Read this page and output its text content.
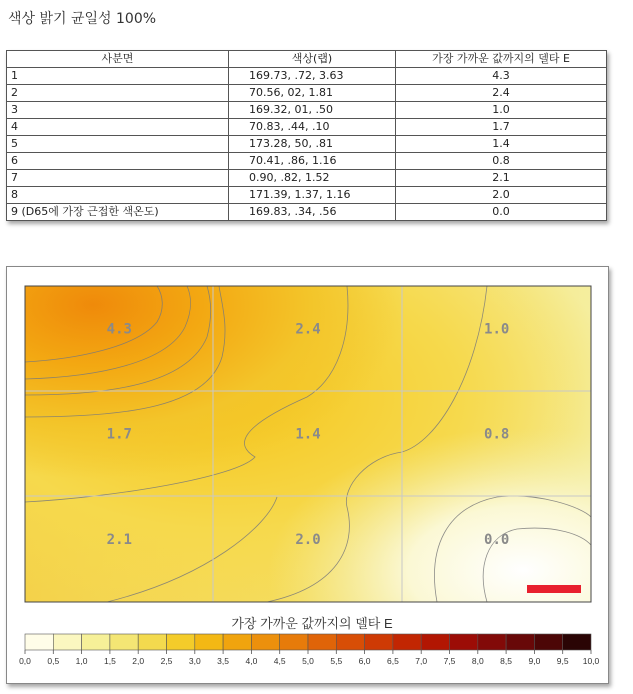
색상 밝기 균일성 100%
사분면	색상(랩)	가장 가까운 값까지의 델타 E
1	169.73, .72, 3.63	4.3
2	70.56, 02, 1.81	2.4
3	169.32, 01, .50	1.0
4	70.83, .44, .10	1.7
5	173.28, 50, .81	1.4
6	70.41, .86, 1.16	0.8
7	0.90, .82, 1.52	2.1
8	171.39, 1.37, 1.16	2.0
9 (D65에 가장 근접한 색온도)	169.83, .34, .56	0.0
4.3	2.4	1.0
1.7	1.4	0.8
2.1	2.0	0.0
가장 가까운 값까지의 델타 E
0,0 0,5 1,0 1,5 2,0 2,5 3,0 3,5 4,0 4,5 5,0 5,5 6,0 6,5 7,0 7,5 8,0 8,5 9,0 9,5 10,0
